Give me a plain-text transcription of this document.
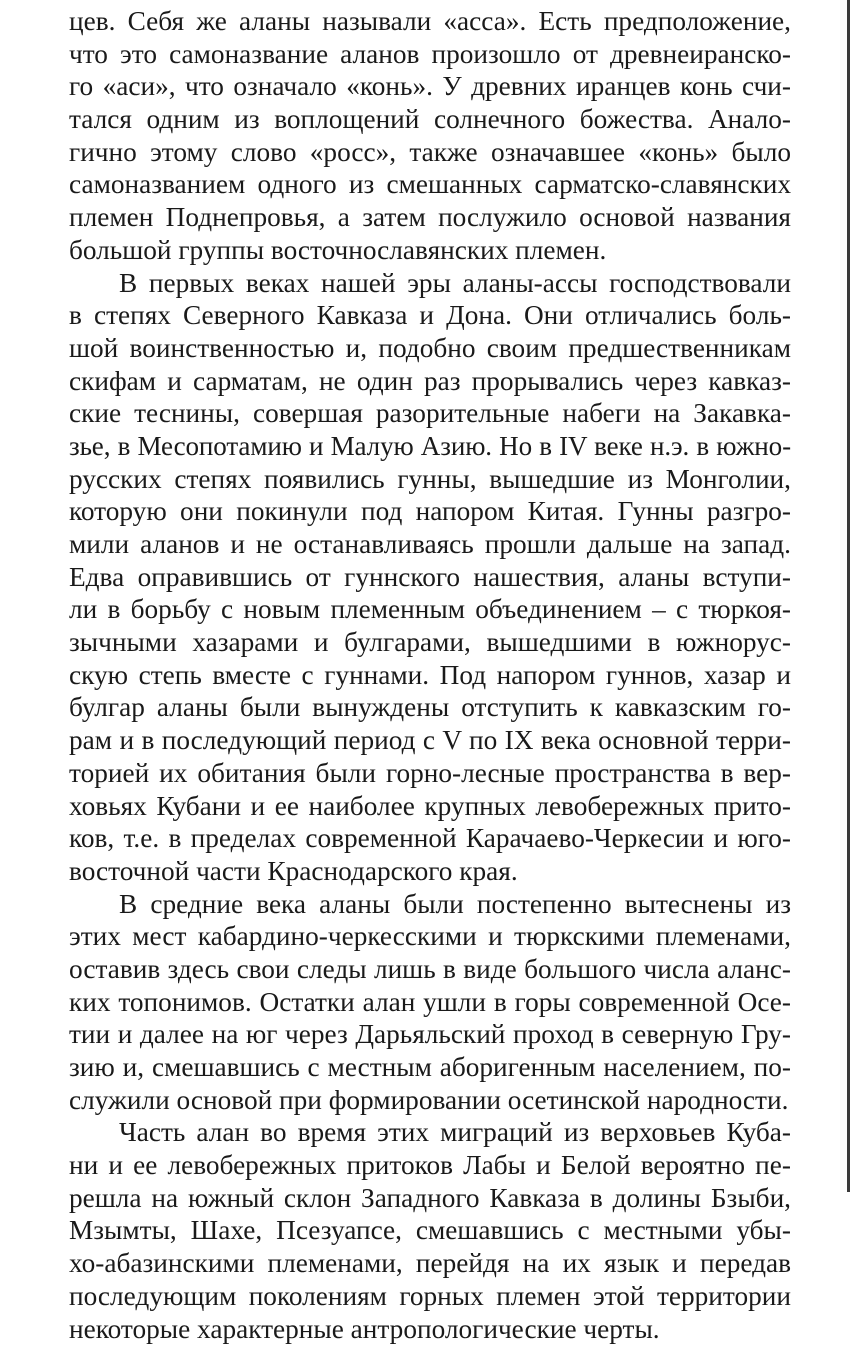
цев. Себя же аланы называли «асса». Есть предположение,
что это самоназвание аланов произошло от древнеиранско-
го «аси», что означало «конь». У древних иранцев конь счи-
тался одним из воплощений солнечного божества. Анало-
гично этому слово «росс», также означавшее «конь» было
самоназванием одного из смешанных сарматско-славянских
племен Поднепровья, а затем послужило основой названия
большой группы восточнославянских племен.
В первых веках нашей эры аланы-ассы господствовали
в степях Северного Кавказа и Дона. Они отличались боль-
шой воинственностью и, подобно своим предшественникам
скифам и сарматам, не один раз прорывались через кавказ-
ские теснины, совершая разорительные набеги на Закавка-
зье, в Месопотамию и Малую Азию. Но в IV веке н.э. в южно-
русских степях появились гунны, вышедшие из Монголии,
которую они покинули под напором Китая. Гунны разгро-
мили аланов и не останавливаясь прошли дальше на запад.
Едва оправившись от гуннского нашествия, аланы вступи-
ли в борьбу с новым племенным объединением – с тюркоя-
зычными хазарами и булгарами, вышедшими в южнорус-
скую степь вместе с гуннами. Под напором гуннов, хазар и
булгар аланы были вынуждены отступить к кавказским го-
рам и в последующий период с V по IX века основной терри-
торией их обитания были горно-лесные пространства в вер-
ховьях Кубани и ее наиболее крупных левобережных прито-
ков, т.е. в пределах современной Карачаево-Черкесии и юго-
восточной части Краснодарского края.
В средние века аланы были постепенно вытеснены из
этих мест кабардино-черкесскими и тюркскими племенами,
оставив здесь свои следы лишь в виде большого числа аланс-
ких топонимов. Остатки алан ушли в горы современной Осе-
тии и далее на юг через Дарьяльский проход в северную Гру-
зию и, смешавшись с местным аборигенным населением, по-
служили основой при формировании осетинской народности.
Часть алан во время этих миграций из верховьев Куба-
ни и ее левобережных притоков Лабы и Белой вероятно пе-
решла на южный склон Западного Кавказа в долины Бзыби,
Мзымты, Шахе, Псезуапсе, смешавшись с местными убы-
хо-абазинскими племенами, перейдя на их язык и передав
последующим поколениям горных племен этой территории
некоторые характерные антропологические черты.
